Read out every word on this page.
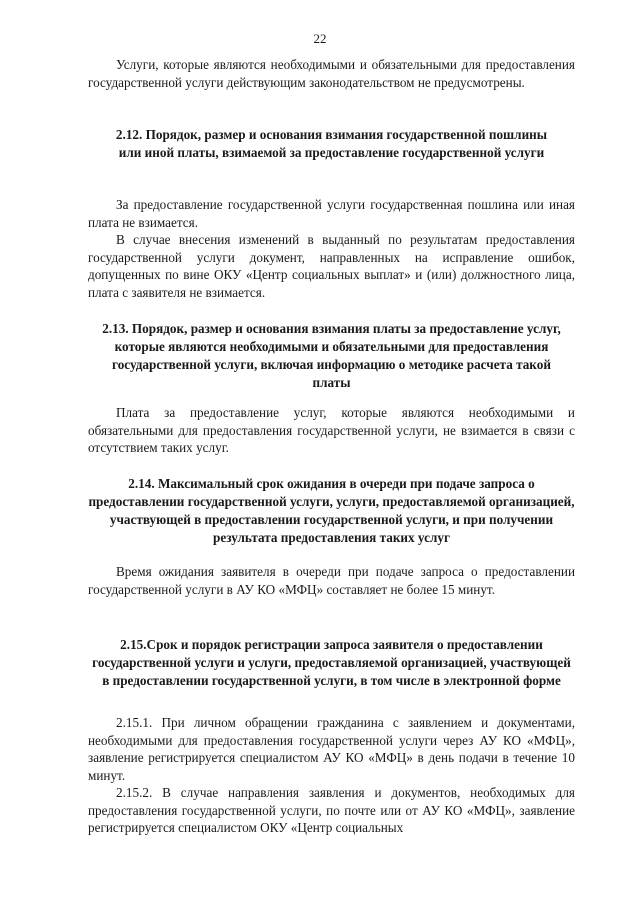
22

Услуги, которые являются необходимыми и обязательными для предоставления государственной услуги действующим законодательством не предусмотрены.

2.12. Порядок, размер и основания взимания государственной пошлины или иной платы, взимаемой за предоставление государственной услуги

За предоставление государственной услуги государственная пошлина или иная плата не взимается.

В случае внесения изменений в выданный по результатам предоставления государственной услуги документ, направленных на исправление ошибок, допущенных по вине ОКУ «Центр социальных выплат» и (или) должностного лица, плата с заявителя не взимается.

2.13. Порядок, размер и основания взимания платы за предоставление услуг, которые являются необходимыми и обязательными для предоставления государственной услуги, включая информацию о методике расчета такой платы

Плата за предоставление услуг, которые являются необходимыми и обязательными для предоставления государственной услуги, не взимается в связи с отсутствием таких услуг.

2.14. Максимальный срок ожидания в очереди при подаче запроса о предоставлении государственной услуги, услуги, предоставляемой организацией, участвующей в предоставлении государственной услуги, и при получении результата предоставления таких услуг

Время ожидания заявителя в очереди при подаче запроса о предоставлении государственной услуги в АУ КО «МФЦ» составляет не более 15 минут.

2.15.Срок и порядок регистрации запроса заявителя о предоставлении государственной услуги и услуги, предоставляемой организацией, участвующей в предоставлении государственной услуги, в том числе в электронной форме

2.15.1. При личном обращении гражданина с заявлением и документами, необходимыми для предоставления государственной услуги через АУ КО «МФЦ», заявление регистрируется специалистом АУ КО «МФЦ» в день подачи в течение 10 минут.

2.15.2. В случае направления заявления и документов, необходимых для предоставления государственной услуги, по почте или от АУ КО «МФЦ», заявление регистрируется специалистом ОКУ «Центр социальных
